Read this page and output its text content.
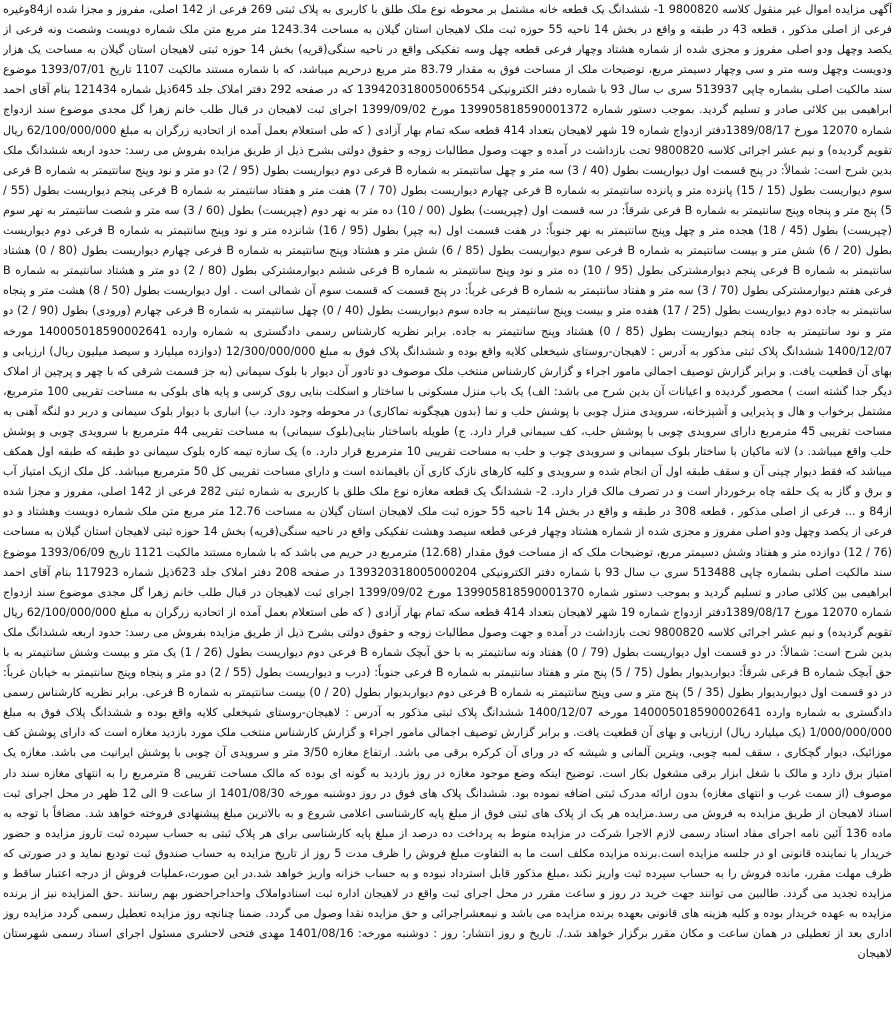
آگهی مزایده اموال غیر منقول کلاسه 9800820 1- ششدانگ یک قطعه خانه مشتمل بر محوطه نوع ملک طلق با کاربری به پلاک ثبتی 269 فرعی از 142 اصلی، مفروز و مجزا شده از84وغیره فرعی از اصلی مذکور ، قطعه 43 در طبقه و واقع در بخش 14 ناحیه 55 حوزه ثبت ملک لاهیجان استان گیلان به مساحت 1243.34 متر مربع متن ملک شماره دویست وشصت ونه فرعی از یکصد وچهل ودو اصلی مفروز و مجزی شده از شماره هشتاد وچهار فرعی قطعه چهل وسه تفکیکی واقع در ناحیه سنگی(قریه) بخش 14 حوزه ثبتی لاهیجان استان گیلان به مساحت یک هزار ودویست وچهل وسه متر و سی وچهار دسیمتر مربع، توضیحات ملک از مساحت فوق به مقدار 83.79 متر مربع درحریم میباشد، که با شماره مستند مالکیت 1107 تاریخ 1393/07/01 موضوع سند مالکیت اصلی بشماره چاپی 513937 سری ب سال 93 با شماره دفتر الکترونیکی 139420318005006554 که در صفحه 292 دفتر املاک جلد 645ذیل شماره 121434 بنام آقای احمد ابراهیمی بین کلائی صادر و تسلیم گردید. بموجب دستور شماره 139905818590001372 مورخ 1399/09/02 اجرای ثبت لاهیجان در قبال طلب خانم زهرا گل مجدی موضوع سند ازدواج شماره 12070 مورخ 1389/08/17دفتر ازدواج شماره 19 شهر لاهیجان بتعداد 414 قطعه سکه تمام بهار آزادی ( که طی استعلام بعمل آمده از اتحادیه زرگران به مبلغ 62/100/000/000 ریال تقویم گردیده) و نیم عشر اجرائی کلاسه 9800820 تحت بازداشت در آمده و جهت وصول مطالبات زوجه و حقوق دولتی بشرح ذیل از طریق مزایده بفروش می رسد: حدود اربعه ششدانگ ملک بدین شرح است: شمالاً: در پنج قسمت اول دیواریست بطول (40 / 3) سه متر و چهل سانتیمتر به شماره B فرعی دوم دیواریست بطول (95 / 2) دو متر و نود وپنج سانتیمتر به شماره B فرعی سوم دیواریست بطول (15 / 15) پانزده متر و پانزده سانتیمتر به شماره B فرعی چهارم دیواریست بطول (70 / 7) هفت متر و هفتاد سانتیمتر به شماره B فرعی پنجم دیواریست بطول (55 / 5) پنج متر و پنجاه وپنج سانتیمتر به شماره B فرعی شرقاً: در سه قسمت اول (چپریست) بطول (00 / 10) ده متر به نهر دوم (چپریست) بطول (60 / 3) سه متر و شصت سانتیمتر به نهر سوم (چپریست) بطول (45 / 18) هجده متر و چهل وپنج سانتیمتر به نهر جنوباً: در هفت قسمت اول (به چپر) بطول (95 / 16) شانزده متر و نود وپنج سانتیمتر به شماره B فرعی دوم دیواریست بطول (20 / 6) شش متر و بیست سانتیمتر به شماره B فرعی سوم دیواریست بطول (85 / 6) شش متر و هشتاد وپنج سانتیمتر به شماره B فرعی چهارم دیواریست بطول (80 / 0) هشتاد سانتیمتر به شماره B فرعی پنجم دیوارمشترکی بطول (95 / 10) ده متر و نود وپنج سانتیمتر به شماره B فرعی ششم دیوارمشترکی بطول (80 / 2) دو متر و هشتاد سانتیمتر به شماره B فرعی هفتم دیوارمشترکی بطول (70 / 3) سه متر و هفتاد سانتیمتر به شماره B فرعی غرباً: در پنج قسمت که قسمت سوم آن شمالی است . اول دیواریست بطول (50 / 8) هشت متر و پنجاه سانتیمتر به جاده دوم دیواریست بطول (25 / 17) هفده متر و بیست وپنج سانتیمتر به جاده سوم دیواریست بطول (40 / 0) چهل سانتیمتر به شماره B فرعی چهارم (ورودی) بطول (90 / 2) دو متر و نود سانتیمتر به جاده پنجم دیواریست بطول (85 / 0) هشتاد وپنج سانتیمتر به جاده. برابر نظریه کارشناس رسمی دادگستری به شماره وارده 140005018590002641 مورخه 1400/12/07 ششدانگ پلاک ثبتی مذکور به آدرس : لاهیجان-روستای شیخعلی کلایه واقع بوده و ششدانگ پلاک فوق به مبلغ 12/300/000/000 (دوازده میلیارد و سیصد میلیون ریال) ارزیابی و بهای آن قطعیت یافت. و برابر گزارش توصیف اجمالی مامور اجراء و گزارش کارشناس منتخب ملک موصوف دو تادور آن دیوار با بلوک سیمانی (به جز قسمت شرقی که با چهر و پرچین از املاک دیگر جدا گشته است ) محصور گردیده و اعیانات آن بدین شرح می باشد: الف) یک باب منزل مسکونی با ساختار و اسکلت بنایی روی کرسی و پایه های بلوکی به مساحت تقریبی 100 مترمربع، مشتمل برخواب و هال و پذیرایی و آشپزخانه، سرویدی منزل چوبی با پوشش حلب و نما (بدون هیچگونه نماکاری) در محوطه وجود دارد. ب) انباری با دیوار بلوک سیمانی و دربر دو لنگه آهنی به مساحت تقریبی 45 مترمربع دارای سرویدی چوبی با پوشش حلب، کف سیمانی قرار دارد. ج) طویله باساختار بنایی(بلوک سیمانی) به مساحت تقریبی 44 مترمربع با سرویدی چوبی و پوشش حلب واقع میباشد. د) لانه ماکیان با ساختار بلوک سیمانی و سرویدی چوب و حلب به مساحت تقریبی 10 مترمربع قرار دارد. ه) یک سازه تیمه کاره بلوک سیمانی دو طبقه که طبقه اول همکف میباشد که فقط دیوار چینی آن و سقف طبقه اول آن انجام شده و سرویدی و کلیه کارهای نازک کاری آن باقیمانده است و دارای مساحت تقریبی کل 50 مترمربع میباشد. کل ملک ازیک امتیاز آب و برق و گاز به یک حلقه چاه برخوردار است و در تصرف مالک قرار دارد. 2- ششدانگ یک قطعه مغازه نوع ملک طلق با کاربری به شماره ثبتی 282 فرعی از 142 اصلی، مفروز و مجزا شده از84 و ... فرعی از اصلی مذکور ، قطعه 308 در طبقه و واقع در بخش 14 ناحیه 55 حوزه ثبت ملک لاهیجان استان گیلان به مساحت 12.76 متر مربع متن ملک شماره دویست وهشتاد و دو فرعی از یکصد وچهل ودو اصلی مفروز و مجزی شده از شماره هشتاد وچهار فرعی قطعه سیصد وهشت تفکیکی واقع در ناحیه سنگی(قریه) بخش 14 حوزه ثبتی لاهیجان استان گیلان به مساحت (76 / 12) دوازده متر و هفتاد وشش دسیمتر مربع، توضیحات ملک که از مساحت فوق مقدار (12.68) مترمربع در حریم می باشد که با شماره مستند مالکیت 1121 تاریخ 1393/06/09 موضوع سند مالکیت اصلی بشماره چاپی 513488 سری ب سال 93 با شماره دفتر الکترونیکی 139320318005000204 در صفحه 208 دفتر املاک جلد 623ذیل شماره 117923 بنام آقای احمد ابراهیمی بین کلائی صادر و تسلیم گردید و بموجب دستور شماره 139905818590001370 مورخ 1399/09/02 اجرای ثبت لاهیجان در قبال طلب خانم زهرا گل مجدی موضوع سند ازدواج شماره 12070 مورخ 1389/08/17دفتر ازدواج شماره 19 شهر لاهیجان بتعداد 414 قطعه سکه تمام بهار آزادی ( که طی استعلام بعمل آمده از اتحادیه زرگران به مبلغ 62/100/000/000 ریال تقویم گردیده) و نیم عشر اجرائی کلاسه 9800820 تحت بازداشت در آمده و جهت وصول مطالبات زوجه و حقوق دولتی بشرح ذیل از طریق مزایده بفروش می رسد: حدود اربعه ششدانگ ملک بدین شرح است: شمالاً: در دو قسمت اول دیواریست بطول (79 / 0) هفتاد ونه سانتیمتر به با حق آبچک شماره B فرعی دوم دیواریست بطول (26 / 1) یک متر و بیست وشش سانتیمتر به با حق آبچک شماره B فرعی شرقاً: دیواربدیوار بطول (75 / 5) پنج متر و هفتاد سانتیمتر به شماره B فرعی جنوباً: (درب و دیواریست بطول (55 / 2) دو متر و پنجاه وپنج سانتیمتر به خیابان غرباً: در دو قسمت اول دیواربدیوار بطول (35 / 5) پنج متر و سی وپنج سانتیمتر به شماره B فرعی دوم دیواربدیوار بطول (20 / 0) بیست سانتیمتر به شماره B فرعی. برابر نظریه کارشناس رسمی دادگستری به شماره وارده 140005018590002641 مورخه 1400/12/07 ششدانگ پلاک ثبتی مذکور به آدرس : لاهیجان-روستای شیخعلی کلایه واقع بوده و ششدانگ پلاک فوق به مبلغ 1/000/000/000 (یک میلیارد ریال) ارزیابی و بهای آن قطعیت یافت. و برابر گزارش توصیف اجمالی مامور اجراء و گزارش کارشناس منتخب ملک مورد بازدید مغازه است که دارای پوشش کف موزائیک، دیوار گچکاری ، سقف لمبه چوبی، ویترین آلمانی و شیشه که در ورای آن کرکره برقی می باشد. ارتفاع مغازه 3/50 متر و سرویدی آن چوبی با پوشش ایرانیت می باشد. مغازه یک امتیاز برق دارد و مالک با شغل ابزار برقی مشغول بکار است. توضیح اینکه وضع موجود مغازه در روز بازدید به گونه ای بوده که مالک مساحت تقریبی 8 مترمربع را به انتهای مغازه سند دار موصوف (از سمت غرب و انتهای مغازه) بدون ارائه مدرک ثبتی اضافه نموده بود. ششدانگ پلاک های فوق در روز دوشنبه مورخه 1401/08/30 از ساعت 9 الی 12 ظهر در محل اجرای ثبت اسناد لاهیجان از طریق مزایده به فروش می رسد.مزایده هر یک از پلاک های ثبتی فوق از مبلغ پایه کارشناسی اعلامی شروع و به بالاترین مبلغ پیشنهادی فروخته خواهد شد. مضافاً با توجه به ماده 136 آئین نامه اجرای مفاد اسناد رسمی لازم الاجرا شرکت در مزایده منوط به پرداخت ده درصد از مبلغ پایه کارشناسی برای هر پلاک ثبتی به حساب سپرده ثبت تاروز مزایده و حضور خریدار یا نماینده قانونی او در جلسه مزایده است.برنده مزایده مکلف است ما به التفاوت مبلغ فروش را ظرف مدت 5 روز از تاریخ مزایده به حساب صندوق ثبت تودیع نماید و در صورتی که ظرف مهلت مقرر، مانده فروش را به حساب سپرده ثبت واریز نکند ،مبلغ مذکور قابل استرداد نبوده و به حساب خزانه واریز خواهد شد.در این صورت،عملیات فروش از درجه اعتبار ساقط و مزایده تجدید می گردد. طالبین می توانند جهت خرید در روز و ساعت مقرر در محل اجرای ثبت واقع در لاهیجان اداره ثبت اسنادواملاک واحداجراحضور بهم رسانند .حق المزایده نیز از برنده مزایده به عهده خریدار بوده و کلیه هزینه های قانونی بعهده برنده مزایده می باشد و نیمعشراجرائی و حق مزایده نقدا وصول می گردد. ضمنا چنانچه روز مزایده تعطیل رسمی گردد مزایده روز اداری بعد از تعطیلی در همان ساعت و مکان مقرر برگزار خواهد شد./. تاریخ و روز انتشار: روز : دوشنبه مورخه: 1401/08/16 مهدی فتحی لاحشری مسئول اجرای اسناد رسمی شهرستان لاهیجان
